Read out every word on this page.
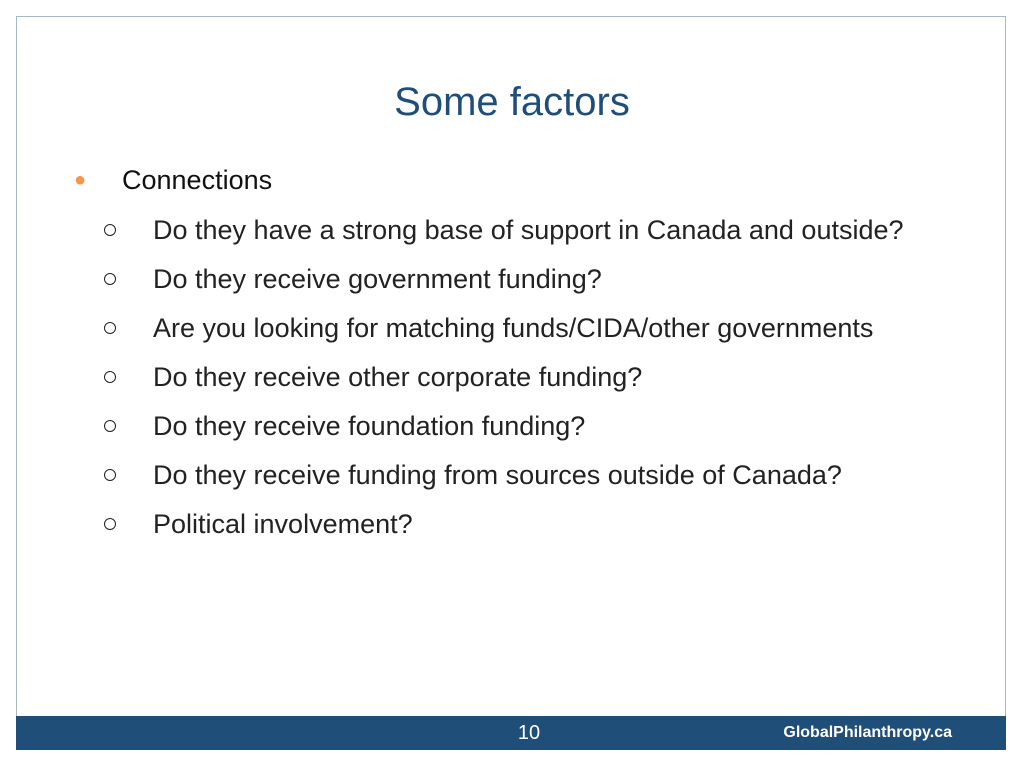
Some factors
●	Connections
Do they have a strong base of support in Canada and outside?
Do they receive government funding?
Are you looking for matching funds/CIDA/other governments
Do they receive other corporate funding?
Do they receive foundation funding?
Do they receive funding from sources outside of Canada?
Political involvement?
10	GlobalPhilanthropy.ca
